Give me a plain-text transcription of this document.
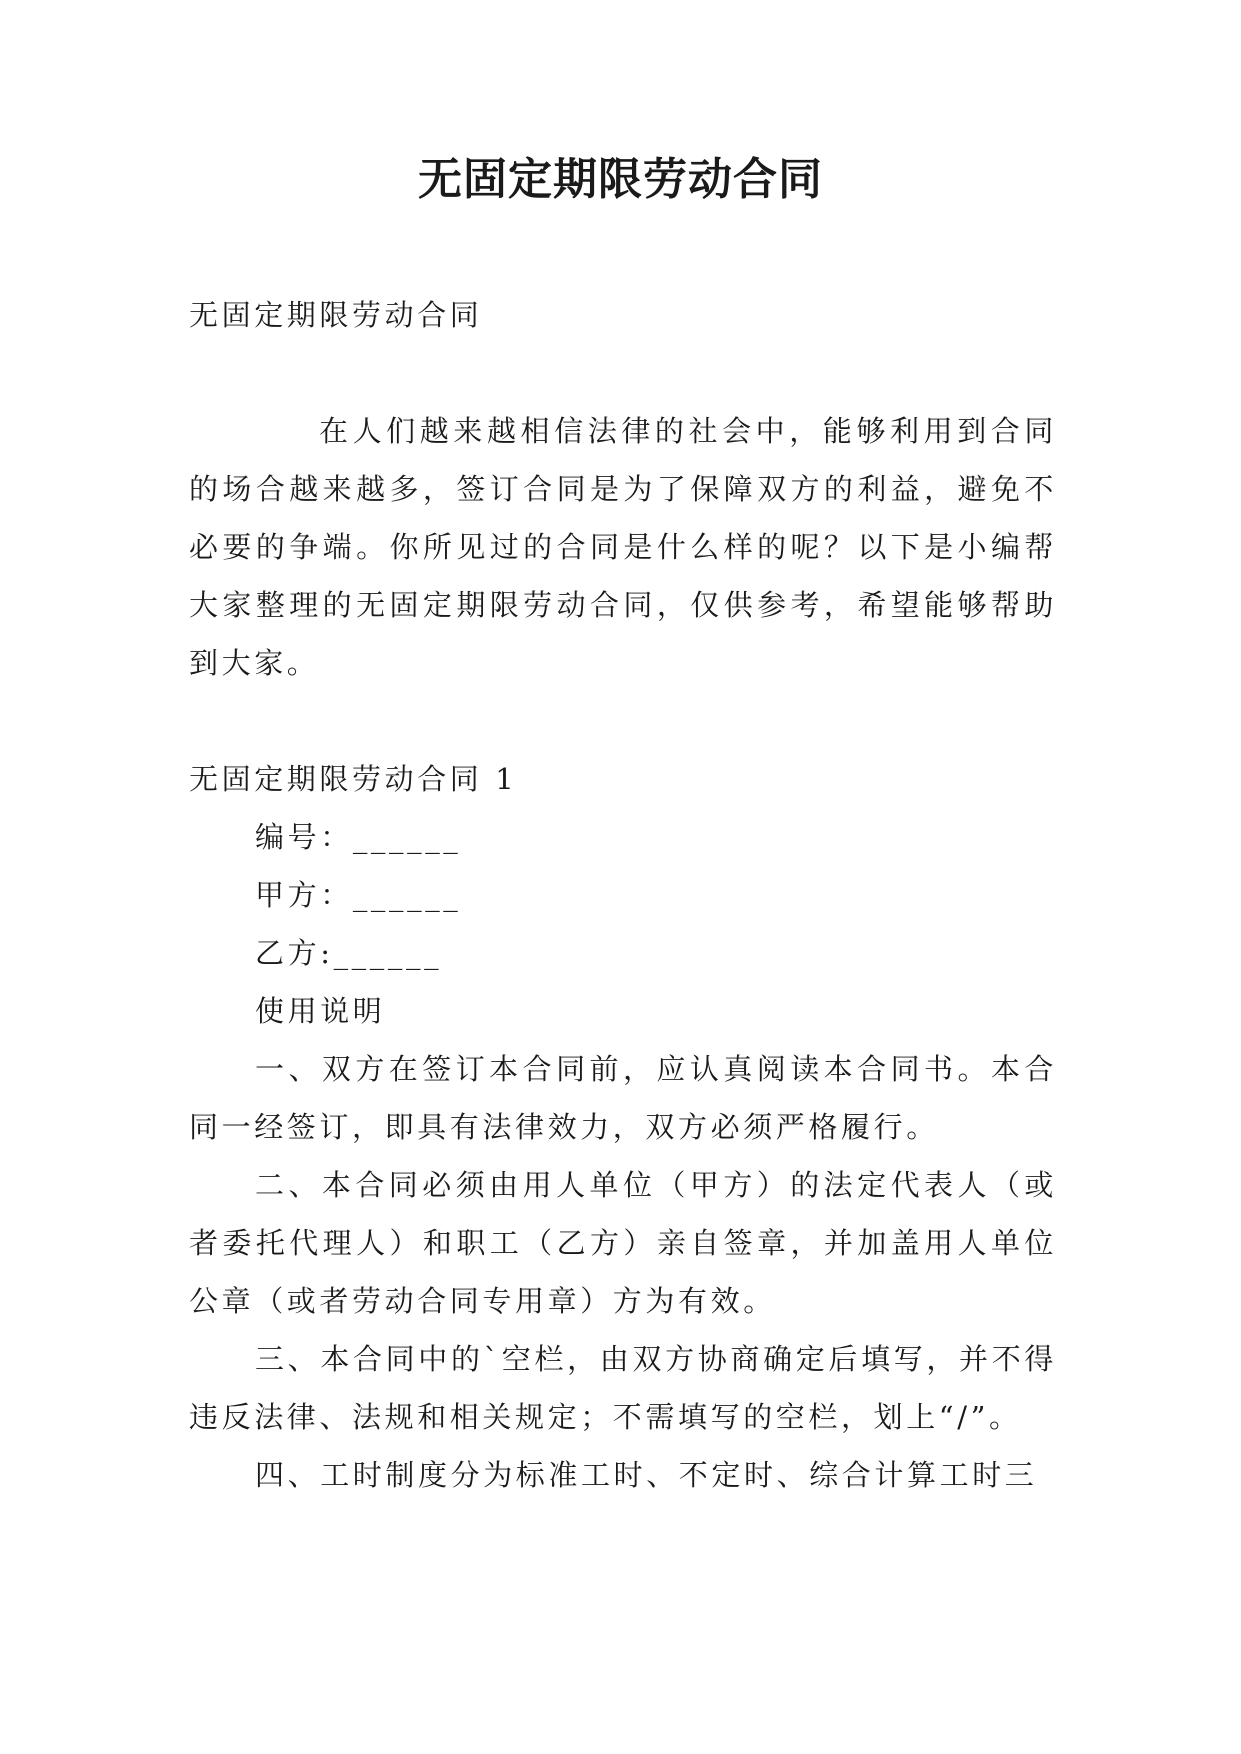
无固定期限劳动合同

无固定期限劳动合同

在人们越来越相信法律的社会中，能够利用到合同的场合越来越多，签订合同是为了保障双方的利益，避免不必要的争端。你所见过的合同是什么样的呢？以下是小编帮大家整理的无固定期限劳动合同，仅供参考，希望能够帮助到大家。

无固定期限劳动合同 1

编号：______

甲方：______

乙方:______

使用说明

一、双方在签订本合同前，应认真阅读本合同书。本合同一经签订，即具有法律效力，双方必须严格履行。

二、本合同必须由用人单位（甲方）的法定代表人（或者委托代理人）和职工（乙方）亲自签章，并加盖用人单位公章（或者劳动合同专用章）方为有效。

三、本合同中的`空栏，由双方协商确定后填写，并不得违反法律、法规和相关规定；不需填写的空栏，划上“/”。

四、工时制度分为标准工时、不定时、综合计算工时三
